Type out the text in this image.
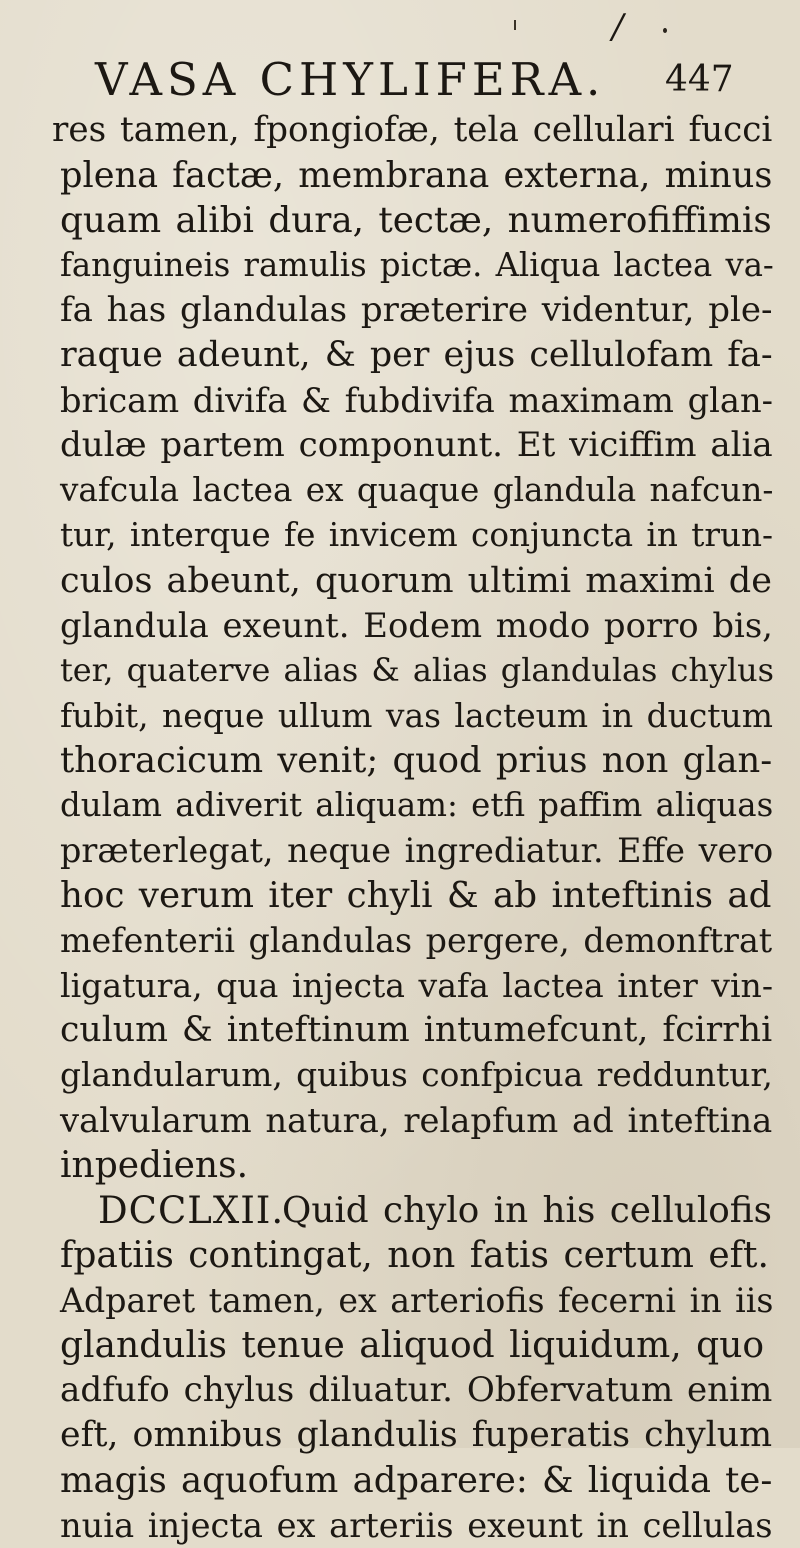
/
VASA CHYLIFERA. 447
res tamen, fpongiofæ, tela cellulari fucci
plena factæ, membrana externa, minus
quam alibi dura, tectæ, numerofiffimis
fanguineis ramulis pictæ. Aliqua lactea va-
fa has glandulas præterire videntur, ple-
raque adeunt, & per ejus cellulofam fa-
bricam divifa & fubdivifa maximam glan-
dulæ partem componunt. Et viciffim alia
vafcula lactea ex quaque glandula nafcun-
tur, interque fe invicem conjuncta in trun-
culos abeunt, quorum ultimi maximi de
glandula exeunt. Eodem modo porro bis,
ter, quaterve alias & alias glandulas chylus
fubit, neque ullum vas lacteum in ductum
thoracicum venit; quod prius non glan-
dulam adiverit aliquam: etfi paffim aliquas
præterlegat, neque ingrediatur. Effe vero
hoc verum iter chyli & ab inteftinis ad
mefenterii glandulas pergere, demonftrat
ligatura, qua injecta vafa lactea inter vin-
culum & inteftinum intumefcunt, fcirrhi
glandularum, quibus confpicua redduntur,
valvularum natura, relapfum ad inteftina
inpediens.
DCCLXII.
Quid chylo in his cellulofis
fpatiis contingat, non fatis certum eft.
Adparet tamen, ex arteriofis fecerni in iis
glandulis tenue aliquod liquidum, quo
adfufo chylus diluatur. Obfervatum enim
eft, omnibus glandulis fuperatis chylum
magis aquofum adparere: & liquida te-
nuia injecta ex arteriis exeunt in cellulas
